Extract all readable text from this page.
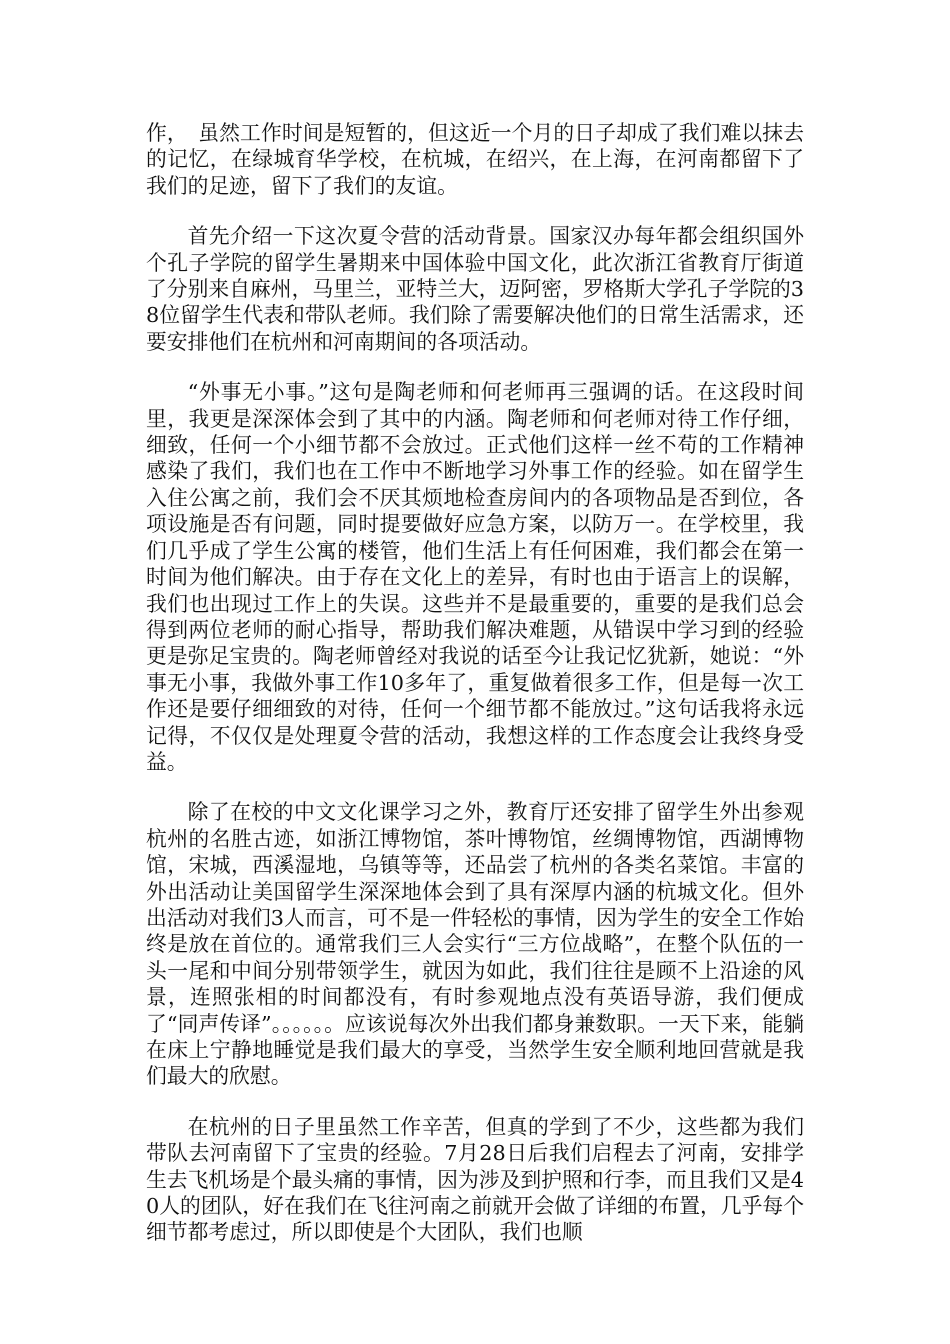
作，　虽然工作时间是短暂的，但这近一个月的日子却成了我们难以抹去的记忆，在绿城育华学校，在杭城，在绍兴，在上海，在河南都留下了我们的足迹，留下了我们的友谊。

首先介绍一下这次夏令营的活动背景。国家汉办每年都会组织国外个孔子学院的留学生暑期来中国体验中国文化，此次浙江省教育厅街道了分别来自麻州，马里兰，亚特兰大，迈阿密，罗格斯大学孔子学院的38位留学生代表和带队老师。我们除了需要解决他们的日常生活需求，还要安排他们在杭州和河南期间的各项活动。

“外事无小事。”这句是陶老师和何老师再三强调的话。在这段时间里，我更是深深体会到了其中的内涵。陶老师和何老师对待工作仔细，细致，任何一个小细节都不会放过。正式他们这样一丝不苟的工作精神感染了我们，我们也在工作中不断地学习外事工作的经验。如在留学生入住公寓之前，我们会不厌其烦地检查房间内的各项物品是否到位，各项设施是否有问题，同时提要做好应急方案，以防万一。在学校里，我们几乎成了学生公寓的楼管，他们生活上有任何困难，我们都会在第一时间为他们解决。由于存在文化上的差异，有时也由于语言上的误解，我们也出现过工作上的失误。这些并不是最重要的，重要的是我们总会得到两位老师的耐心指导，帮助我们解决难题，从错误中学习到的经验更是弥足宝贵的。陶老师曾经对我说的话至今让我记忆犹新，她说：“外事无小事，我做外事工作10多年了，重复做着很多工作，但是每一次工作还是要仔细细致的对待，任何一个细节都不能放过。”这句话我将永远记得，不仅仅是处理夏令营的活动，我想这样的工作态度会让我终身受益。

除了在校的中文文化课学习之外，教育厅还安排了留学生外出参观杭州的名胜古迹，如浙江博物馆，茶叶博物馆，丝绸博物馆，西湖博物馆，宋城，西溪湿地，乌镇等等，还品尝了杭州的各类名菜馆。丰富的外出活动让美国留学生深深地体会到了具有深厚内涵的杭城文化。但外出活动对我们3人而言，可不是一件轻松的事情，因为学生的安全工作始终是放在首位的。通常我们三人会实行“三方位战略”，在整个队伍的一头一尾和中间分别带领学生，就因为如此，我们往往是顾不上沿途的风景，连照张相的时间都没有，有时参观地点没有英语导游，我们便成了“同声传译”。。。。。。应该说每次外出我们都身兼数职。一天下来，能躺在床上宁静地睡觉是我们最大的享受，当然学生安全顺利地回营就是我们最大的欣慰。

在杭州的日子里虽然工作辛苦，但真的学到了不少，这些都为我们带队去河南留下了宝贵的经验。7月28日后我们启程去了河南，安排学生去飞机场是个最头痛的事情，因为涉及到护照和行李，而且我们又是40人的团队，好在我们在飞往河南之前就开会做了详细的布置，几乎每个细节都考虑过，所以即使是个大团队，我们也顺
